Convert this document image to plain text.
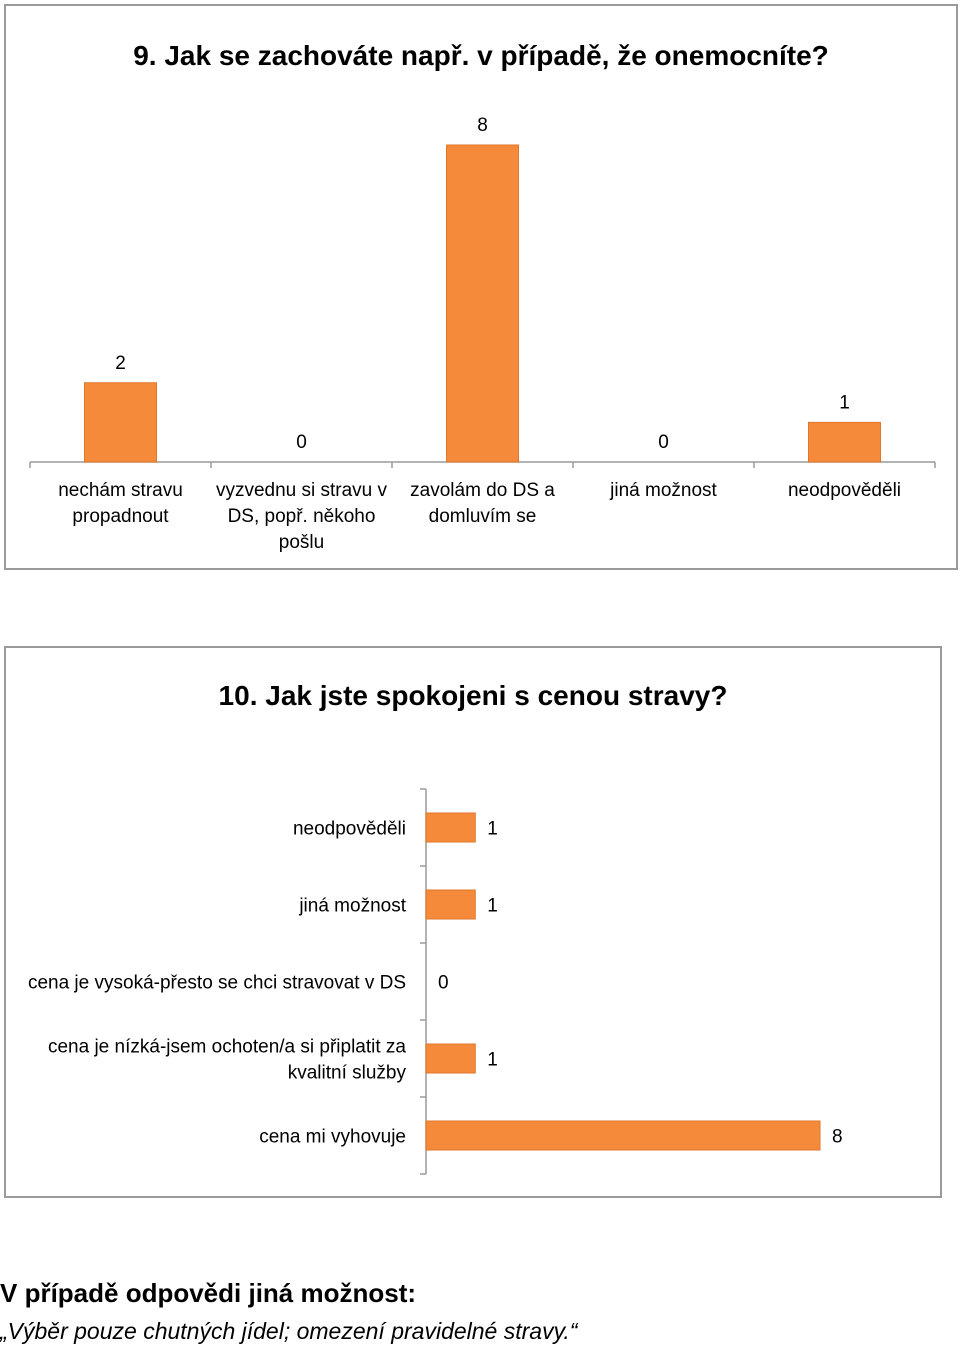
9. Jak se zachováte např. v případě, že onemocníte?
2
nechám stravu
propadnout
0
vyzvednu si stravu v
DS, popř. někoho
pošlu
8
zavolám do DS a
domluvím se
0
jiná možnost
1
neodpověděli
10. Jak jste spokojeni s cenou stravy?
1
neodpověděli
1
jiná možnost
0
cena je vysoká-přesto se chci stravovat v DS
1
cena je nízká-jsem ochoten/a si připlatit za
kvalitní služby
8
cena mi vyhovuje

V případě odpovědi jiná možnost:

„Výběr pouze chutných jídel; omezení pravidelné stravy.“
